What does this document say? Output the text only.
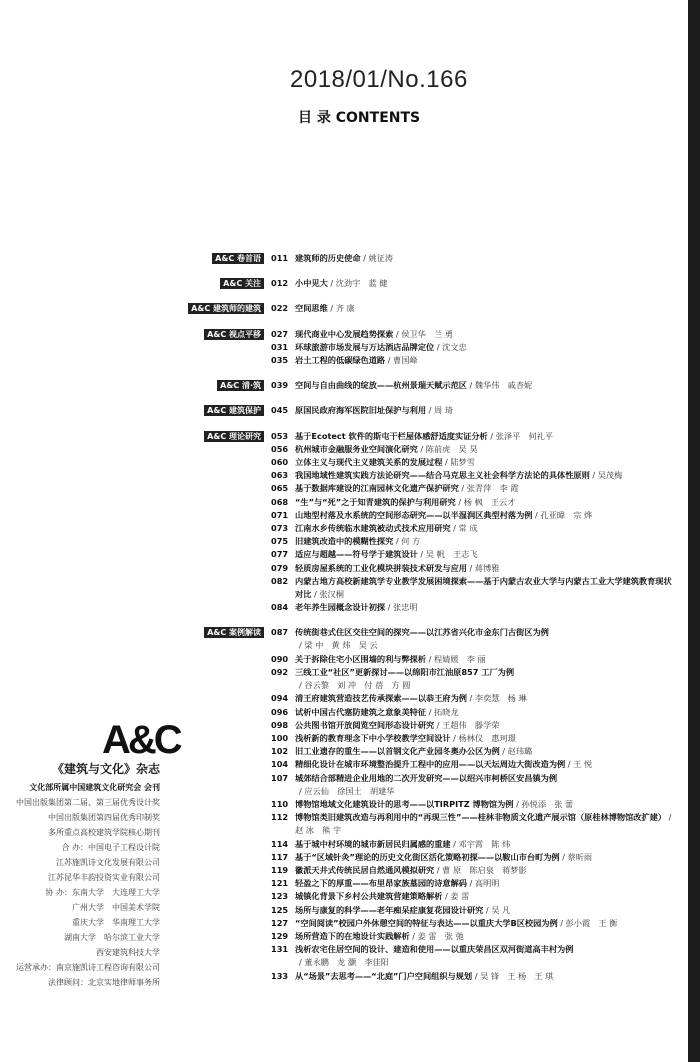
2018/01/No.166
目 录 CONTENTS
A&C 卷首语	011 建筑师的历史使命 / 姚征涛
A&C 关注	012 小中见大 / 沈劲宇　蓝 健
A&C 建筑师的建筑	022 空间思维 / 齐 康
A&C 视点平移	027 现代商业中心发展趋势探索 / 侯卫华　兰 勇
031 环球旅游市场发展与万达酒店品牌定位 / 沈文忠
035 岩土工程的低碳绿色道路 / 曹国峰
A&C 清·筑	039 空间与自由曲线的绽放——杭州景瑞天赋示范区 / 魏华伟　戚杏妮
A&C 建筑保护	045 原国民政府海军医院旧址保护与利用 / 周 琦
A&C 理论研究	053 基于Ecotect 软件的斯屯干栏屋体感舒适度实证分析 / 张泽平　何礼平
056 杭州城市金融服务业空间演化研究 / 陈前虎　吴 昊
060 立体主义与现代主义建筑关系的发展过程 / 陆梦雪
063 我国地域性建筑实践方法论研究——结合马克思主义社会科学方法论的具体性原则 / 吴茂梅
065 基于数据库建设的江南园林文化遗产保护研究 / 张青萍　李 霞
068 “生”与“死”之于知青建筑的保护与利用研究 / 杨 枫　王云才
071 山地型村落及水系统的空间形态研究——以半湿润区典型村落为例 / 孔亚暐　宗 烨
073 江南水乡传统临水建筑被动式技术应用研究 / 常 成
075 旧建筑改造中的模糊性探究 / 何 方
077 适应与超越——符号学于建筑设计 / 吴 帆　王志飞
079 轻质房屋系统的工业化模块拼装技术研发与应用 / 蒋博雅
082 内蒙古地方高校新建筑学专业教学发展困境探索——基于内蒙古农业大学与内蒙古工业大学建筑教育现状对比 / 张汉桐
084 老年养生园概念设计初探 / 张忠明
A&C 案例解读	087 传统街巷式住区交往空间的探究——以江苏省兴化市金东门古街区为例
/ 梁 中　黄 炜　吴 云
090 关于拆除住宅小区围墙的利与弊探析 / 程婧媛　李 丽
092 三线工业“社区”更新探讨——以绵阳市江油原857 工厂为例
/ 谷云黎　刘 冲　付 蓓　方 圆
094 清王府建筑营造技艺传承探索——以恭王府为例 / 李奕慧　杨 琳
096 试析中国古代塞防建筑之意象美特征 / 拓晓龙
098 公共图书馆开放阅览空间形态设计研究 / 王超伟　滕学荣
100 浅析新的教育理念下中小学校教学空间设计 / 杨林仪　惠珂璟
102 旧工业遗存的重生——以首钢文化产业园冬奥办公区为例 / 赵玮璐
104 精细化设计在城市环境整治提升工程中的应用——以天坛周边大街改造为例 / 王 悦
107 城郊结合部精进企业用地的二次开发研究——以绍兴市柯桥区安昌镇为例
/ 应云仙　徐国土　胡建华
110 博物馆地域文化建筑设计的思考——以TIRPITZ 博物馆为例 / 孙悦添　张 蕾
112 博物馆类旧建筑改造与再利用中的“再现三性”——桂林非物质文化遗产展示馆（原桂林博物馆改扩建） / 赵 冰　熊 宇
114 基于城中村环境的城市新居民归属感的重建 / 邓宇霄　陈 炜
117 基于“区域针灸”理论的历史文化街区活化策略初探——以鞍山市台町为例 / 蔡昕雨
119 徽派天井式传统民居自然通风模拟研究 / 曹 原　陈启泉　蒋梦影
121 轻盈之下的厚重——布里昂家族墓园的诗意解码 / 高明明
123 城镇化背景下乡村公共建筑营建策略解析 / 姜 雷
125 场所与康复的科学——老年痴呆症康复花园设计研究 / 吴 凡
127 “空间阅读”校园户外休憩空间的特征与表达——以重庆大学B区校园为例 / 彭小霞　王 衡
129 场所营造下的在地设计实践解析 / 姜 雷　张 弛
131 浅析农宅住居空间的设计、建造和使用——以重庆荣昌区双河街道高丰村为例
/ 董永鹏　龙 灏　李佳阳
133 从“场景”去思考——“北庭”门户空间组织与规划 / 吴 锋　王 杨　王 琪
A&C
《建筑与文化》杂志
文化部所属中国建筑文化研究会 会刊
中国出版集团第二届、第三届优秀设计奖
中国出版集团第四届优秀印制奖
多所重点高校建筑学院核心期刊
合 办：中国电子工程设计院
江苏施凯诗文化发展有限公司
江苏昆华丰韵投资实业有限公司
协 办：东南大学　大连理工大学
广州大学　中国美术学院
重庆大学　华南理工大学
湖南大学　哈尔滨工业大学
西安建筑科技大学
运营承办：南京施凯诗工程咨询有限公司
法律顾问：北京实地律师事务所
